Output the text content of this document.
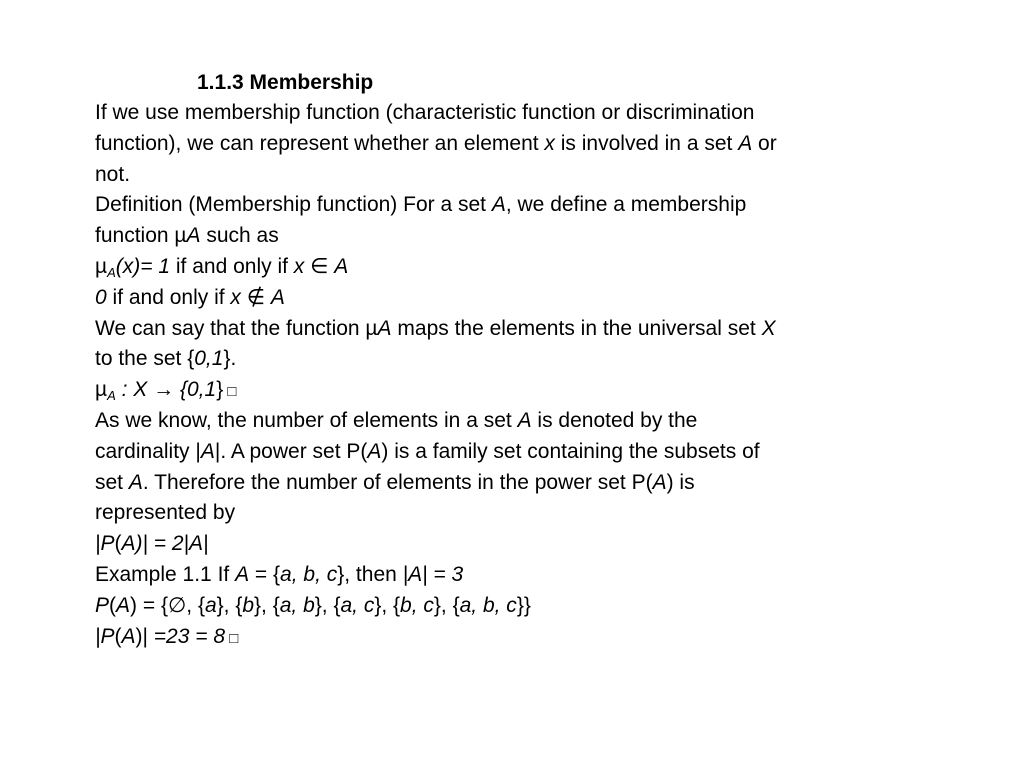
1.1.3 Membership
If we use membership function (characteristic function or discrimination
function), we can represent whether an element x is involved in a set A or
not.
Definition (Membership function) For a set A, we define a membership
function µA such as
µ$_A$(x)= 1 if and only if x ∈ A
0 if and only if x ∉ A
We can say that the function µA maps the elements in the universal set X
to the set {0,1}.
µ$_A$ : X → {0,1} □
As we know, the number of elements in a set A is denoted by the
cardinality |A|. A power set P(A) is a family set containing the subsets of
set A. Therefore the number of elements in the power set P(A) is
represented by
|P(A)| = 2|A|
Example 1.1 If A = {a, b, c}, then |A| = 3
P(A) = {∅, {a}, {b}, {a, b}, {a, c}, {b, c}, {a, b, c}}
|P(A)| =23 = 8 □
